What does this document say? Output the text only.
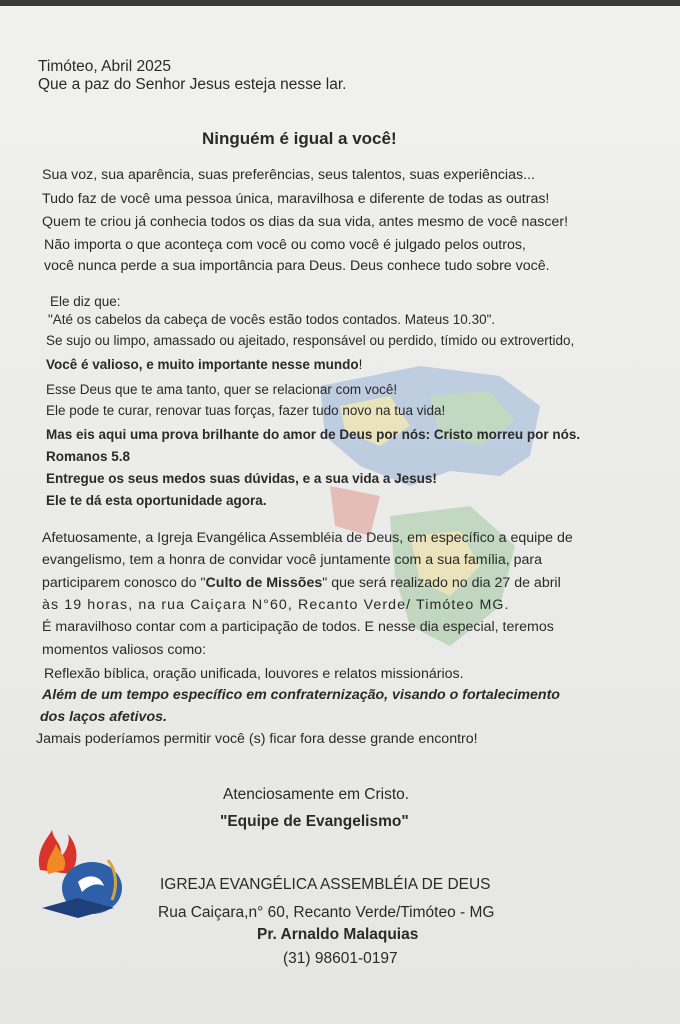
Timóteo, Abril 2025
Que a paz do Senhor Jesus esteja nesse lar.
Ninguém é igual a você!
Sua voz, sua aparência, suas preferências, seus talentos, suas experiências...
Tudo faz de você uma pessoa única, maravilhosa e diferente de todas as outras!
Quem te criou já conhecia todos os dias da sua vida, antes mesmo de você nascer!
Não importa o que aconteça com você ou como você é julgado pelos outros,
você nunca perde a sua importância para Deus. Deus conhece tudo sobre você.
Ele diz que:
"Até os cabelos da cabeça de vocês estão todos contados. Mateus 10.30".
Se sujo ou limpo, amassado ou ajeitado, responsável ou perdido, tímido ou extrovertido,
Você é valioso, e muito importante nesse mundo!
Esse Deus que te ama tanto, quer se relacionar com você!
Ele pode te curar, renovar tuas forças, fazer tudo novo na tua vida!
Mas eis aqui uma prova brilhante do amor de Deus por nós: Cristo morreu por nós.
Romanos 5.8
Entregue os seus medos suas dúvidas, e a sua vida a Jesus!
Ele te dá esta oportunidade agora.
Afetuosamente, a Igreja Evangélica Assembléia de Deus, em específico a equipe de
evangelismo, tem a honra de convidar você juntamente com a sua família, para
participarem conosco do "Culto de Missões" que será realizado no dia 27 de abril
às 19 horas, na rua Caiçara N°60, Recanto Verde/ Timóteo MG.
É maravilhoso contar com a participação de todos. E nesse dia especial, teremos
momentos valiosos como:
Reflexão bíblica, oração unificada, louvores e relatos missionários.
Além de um tempo específico em confraternização, visando o fortalecimento
dos laços afetivos.
Jamais poderíamos permitir você (s) ficar fora desse grande encontro!
Atenciosamente em Cristo.
"Equipe de Evangelismo"
IGREJA EVANGÉLICA ASSEMBLÉIA DE DEUS
Rua Caiçara,n° 60, Recanto Verde/Timóteo - MG
Pr. Arnaldo Malaquias
(31) 98601-0197
